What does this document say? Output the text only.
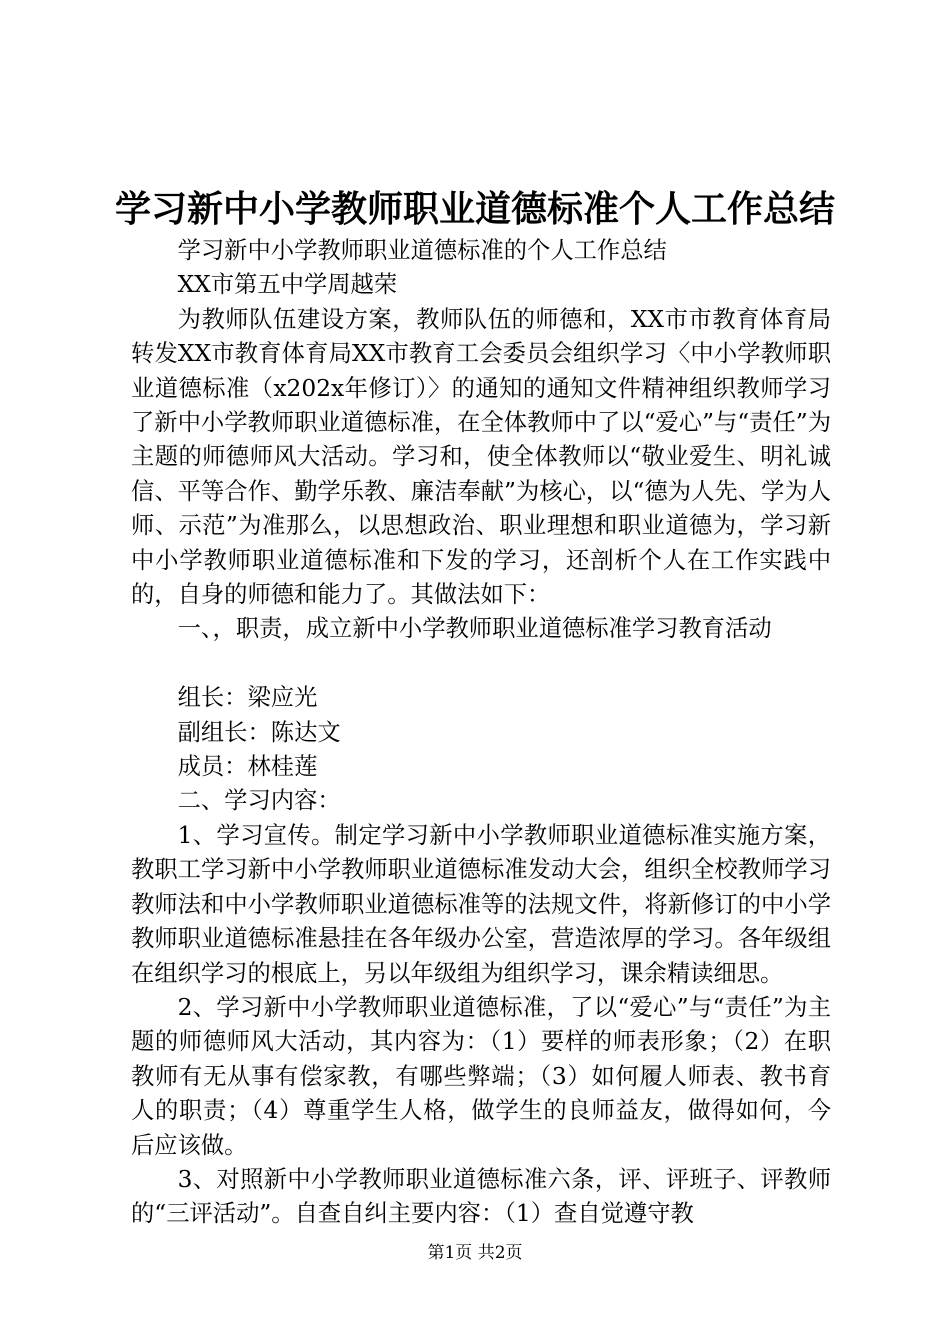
学习新中小学教师职业道德标准个人工作总结

学习新中小学教师职业道德标准的个人工作总结

XX市第五中学周越荣

为教师队伍建设方案，教师队伍的师德和，XX市市教育体育局转发XX市教育体育局XX市教育工会委员会组织学习〈中小学教师职业道德标准（x202x年修订）〉的通知的通知文件精神组织教师学习了新中小学教师职业道德标准，在全体教师中了以“爱心”与“责任”为主题的师德师风大活动。学习和，使全体教师以“敬业爱生、明礼诚信、平等合作、勤学乐教、廉洁奉献”为核心，以“德为人先、学为人师、示范”为准那么，以思想政治、职业理想和职业道德为，学习新中小学教师职业道德标准和下发的学习，还剖析个人在工作实践中的，自身的师德和能力了。其做法如下：

一、，职责，成立新中小学教师职业道德标准学习教育活动

组长：梁应光

副组长：陈达文

成员：林桂莲

二、学习内容：

1、学习宣传。制定学习新中小学教师职业道德标准实施方案，教职工学习新中小学教师职业道德标准发动大会，组织全校教师学习教师法和中小学教师职业道德标准等的法规文件，将新修订的中小学教师职业道德标准悬挂在各年级办公室，营造浓厚的学习。各年级组在组织学习的根底上，另以年级组为组织学习，课余精读细思。

2、学习新中小学教师职业道德标准，了以“爱心”与“责任”为主题的师德师风大活动，其内容为：（1）要样的师表形象；（2）在职教师有无从事有偿家教，有哪些弊端；（3）如何履人师表、教书育人的职责；（4）尊重学生人格，做学生的良师益友，做得如何，今后应该做。

3、对照新中小学教师职业道德标准六条，评、评班子、评教师的“三评活动”。自查自纠主要内容：（1）查自觉遵守教

第1页 共2页
